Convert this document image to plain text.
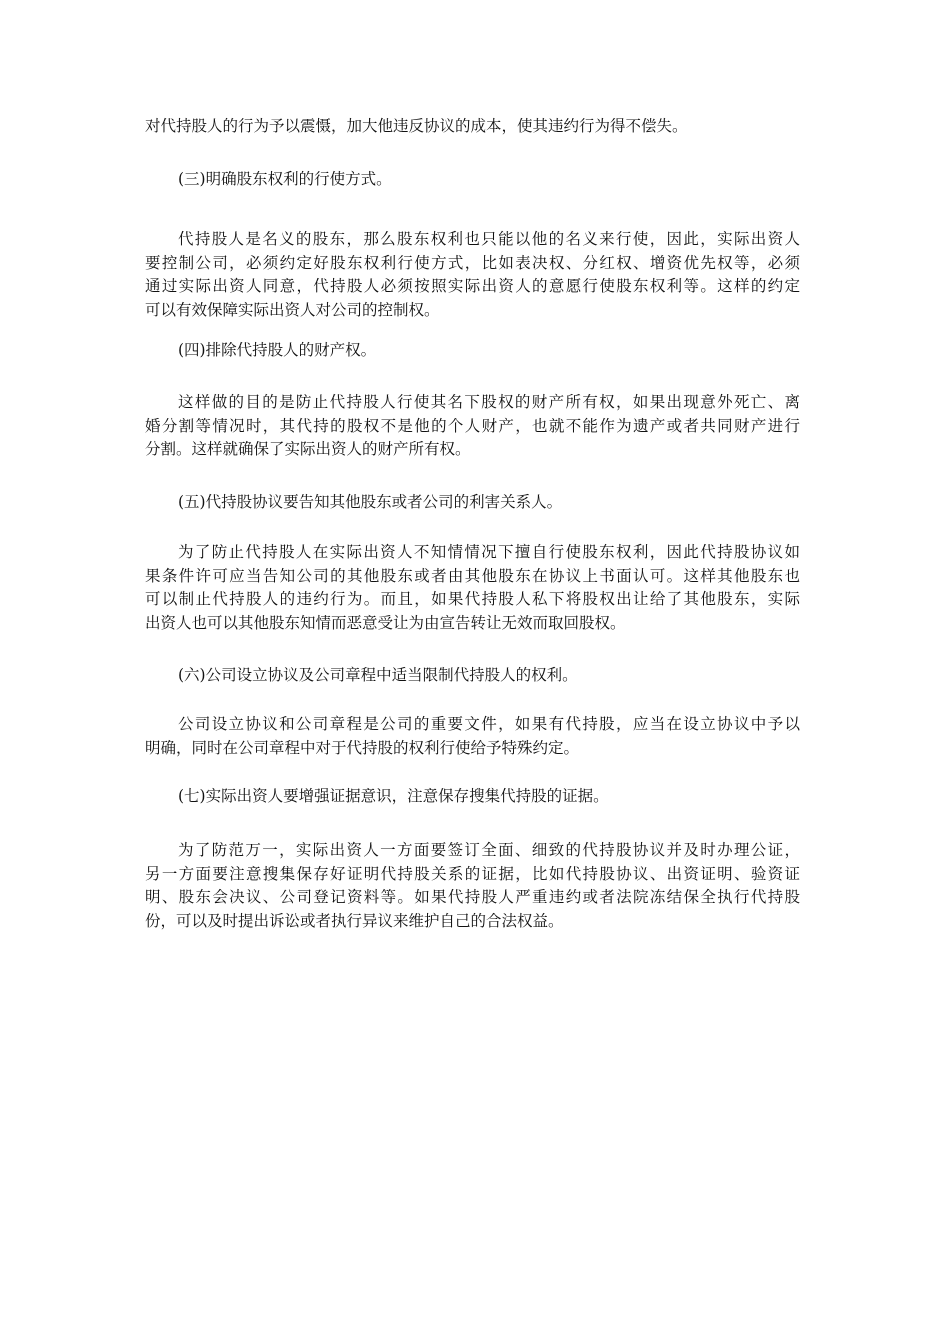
对代持股人的行为予以震慑，加大他违反协议的成本，使其违约行为得不偿失。
(三)明确股东权利的行使方式。
代持股人是名义的股东，那么股东权利也只能以他的名义来行使，因此，实际出资人
要控制公司，必须约定好股东权利行使方式，比如表决权、分红权、增资优先权等，必须
通过实际出资人同意，代持股人必须按照实际出资人的意愿行使股东权利等。这样的约定
可以有效保障实际出资人对公司的控制权。
(四)排除代持股人的财产权。
这样做的目的是防止代持股人行使其名下股权的财产所有权，如果出现意外死亡、离
婚分割等情况时，其代持的股权不是他的个人财产，也就不能作为遗产或者共同财产进行
分割。这样就确保了实际出资人的财产所有权。
(五)代持股协议要告知其他股东或者公司的利害关系人。
为了防止代持股人在实际出资人不知情情况下擅自行使股东权利，因此代持股协议如
果条件许可应当告知公司的其他股东或者由其他股东在协议上书面认可。这样其他股东也
可以制止代持股人的违约行为。而且，如果代持股人私下将股权出让给了其他股东，实际
出资人也可以其他股东知情而恶意受让为由宣告转让无效而取回股权。
(六)公司设立协议及公司章程中适当限制代持股人的权利。
公司设立协议和公司章程是公司的重要文件，如果有代持股，应当在设立协议中予以
明确，同时在公司章程中对于代持股的权利行使给予特殊约定。
(七)实际出资人要增强证据意识，注意保存搜集代持股的证据。
为了防范万一，实际出资人一方面要签订全面、细致的代持股协议并及时办理公证，
另一方面要注意搜集保存好证明代持股关系的证据，比如代持股协议、出资证明、验资证
明、股东会决议、公司登记资料等。如果代持股人严重违约或者法院冻结保全执行代持股
份，可以及时提出诉讼或者执行异议来维护自己的合法权益。
